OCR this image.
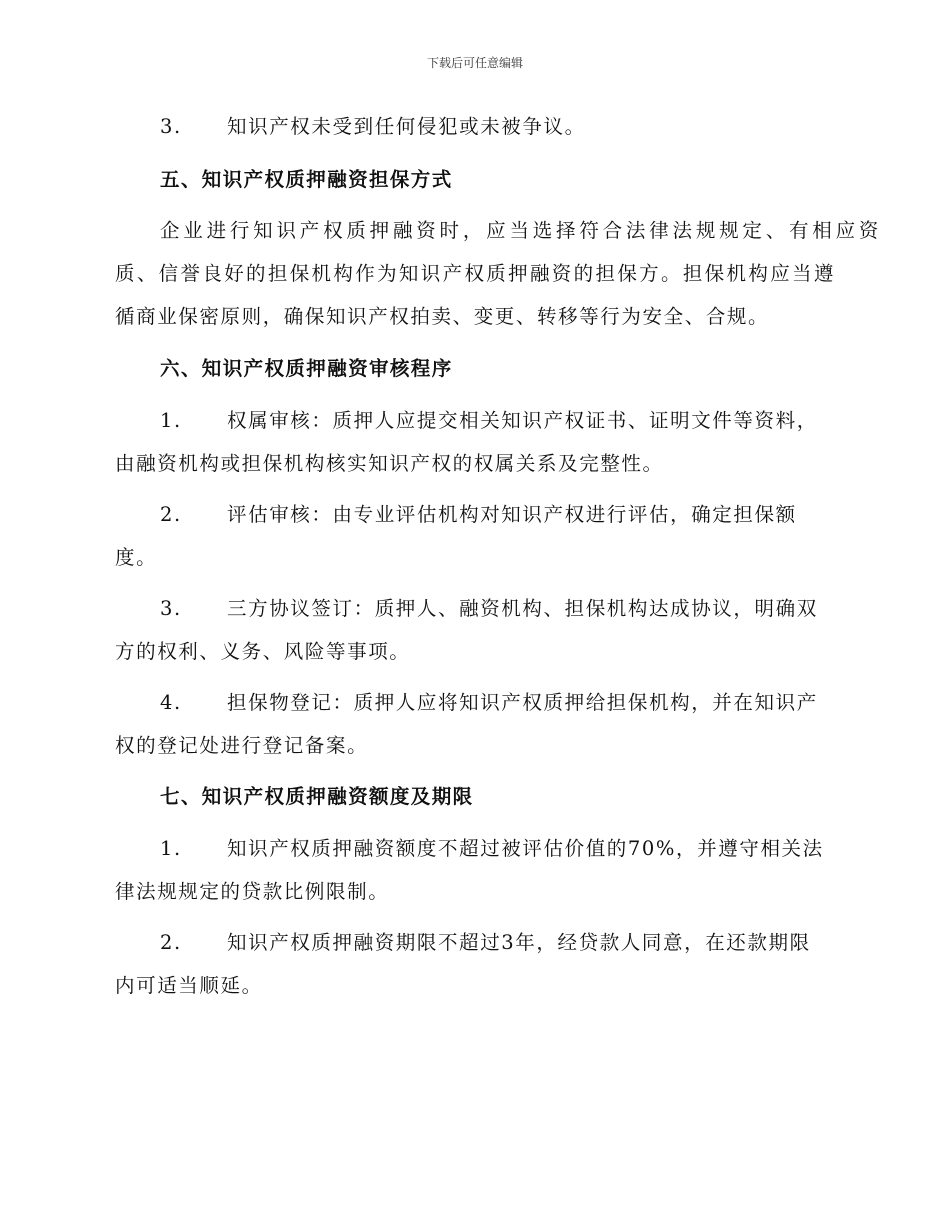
下载后可任意编辑
3. 知识产权未受到任何侵犯或未被争议。
五、知识产权质押融资担保方式
企业进行知识产权质押融资时，应当选择符合法律法规规定、有相应资
质、信誉良好的担保机构作为知识产权质押融资的担保方。担保机构应当遵
循商业保密原则，确保知识产权拍卖、变更、转移等行为安全、合规。
六、知识产权质押融资审核程序
1. 权属审核：质押人应提交相关知识产权证书、证明文件等资料，
由融资机构或担保机构核实知识产权的权属关系及完整性。
2. 评估审核：由专业评估机构对知识产权进行评估，确定担保额
度。
3. 三方协议签订：质押人、融资机构、担保机构达成协议，明确双
方的权利、义务、风险等事项。
4. 担保物登记：质押人应将知识产权质押给担保机构，并在知识产
权的登记处进行登记备案。
七、知识产权质押融资额度及期限
1. 知识产权质押融资额度不超过被评估价值的70%，并遵守相关法
律法规规定的贷款比例限制。
2. 知识产权质押融资期限不超过3年，经贷款人同意，在还款期限
内可适当顺延。
